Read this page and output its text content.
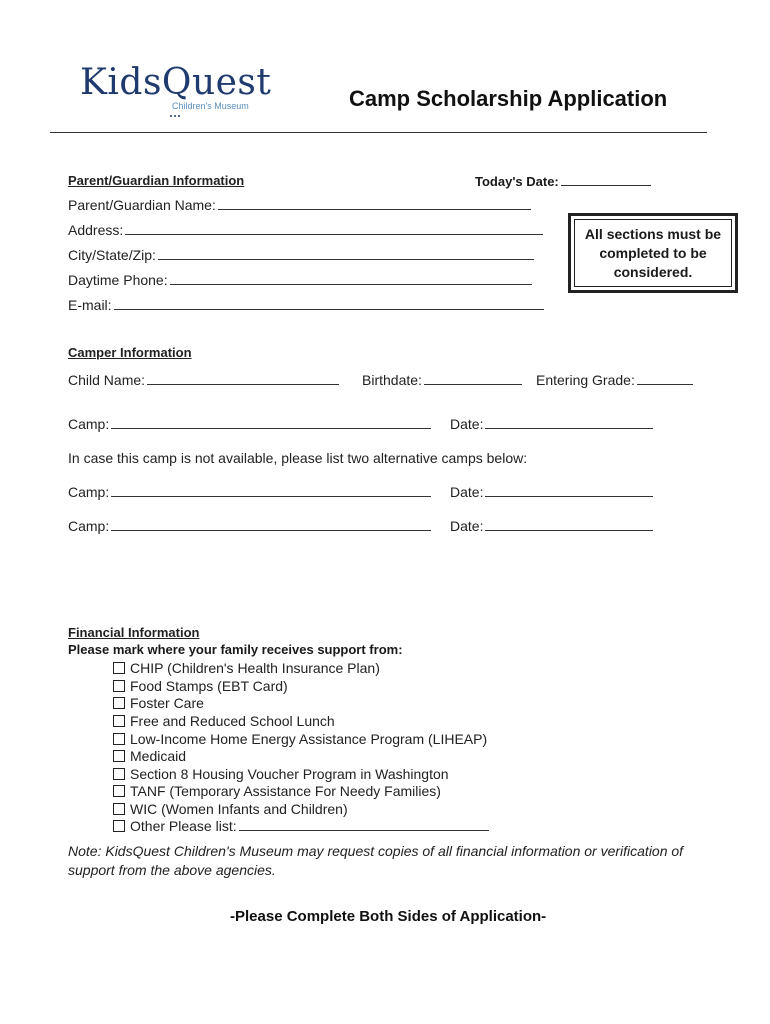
KidsQuest
Children's Museum	Camp Scholarship Application
Parent/Guardian Information	Today's Date:
Parent/Guardian Name:
Address:
City/State/Zip:
Daytime Phone:
E-mail:
All sections must be completed to be considered.
Camper Information
Child Name:	Birthdate:	Entering Grade:
Camp:	Date:
In case this camp is not available, please list two alternative camps below:
Camp:	Date:
Camp:	Date:
Financial Information
Please mark where your family receives support from:
CHIP (Children's Health Insurance Plan)
Food Stamps (EBT Card)
Foster Care
Free and Reduced School Lunch
Low-Income Home Energy Assistance Program (LIHEAP)
Medicaid
Section 8 Housing Voucher Program in Washington
TANF (Temporary Assistance For Needy Families)
WIC (Women Infants and Children)
Other Please list:
Note: KidsQuest Children's Museum may request copies of all financial information or verification of support from the above agencies.
-Please Complete Both Sides of Application-
